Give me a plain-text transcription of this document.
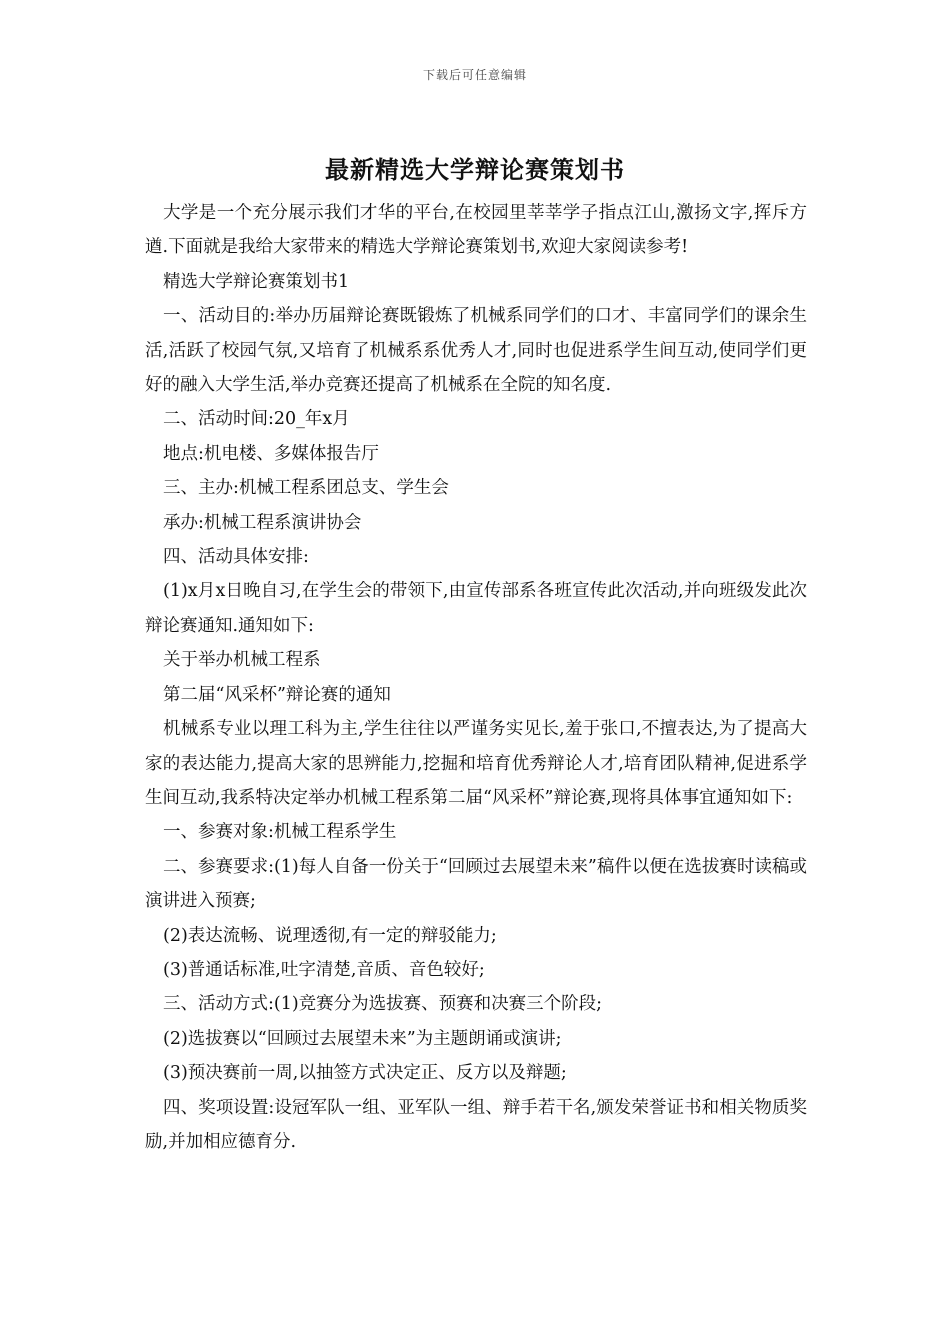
下载后可任意编辑
最新精选大学辩论赛策划书

大学是一个充分展示我们才华的平台,在校园里莘莘学子指点江山,激扬文字,挥斥方遒.下面就是我给大家带来的精选大学辩论赛策划书,欢迎大家阅读参考!

精选大学辩论赛策划书1

一、活动目的:举办历届辩论赛既锻炼了机械系同学们的口才、丰富同学们的课余生活,活跃了校园气氛,又培育了机械系系优秀人才,同时也促进系学生间互动,使同学们更好的融入大学生活,举办竞赛还提高了机械系在全院的知名度.

二、活动时间:20_年x月

地点:机电楼、多媒体报告厅

三、主办:机械工程系团总支、学生会

承办:机械工程系演讲协会

四、活动具体安排:

(1)x月x日晚自习,在学生会的带领下,由宣传部系各班宣传此次活动,并向班级发此次辩论赛通知.通知如下:

关于举办机械工程系

第二届“风采杯”辩论赛的通知

机械系专业以理工科为主,学生往往以严谨务实见长,羞于张口,不擅表达,为了提高大家的表达能力,提高大家的思辨能力,挖掘和培育优秀辩论人才,培育团队精神,促进系学生间互动,我系特决定举办机械工程系第二届“风采杯”辩论赛,现将具体事宜通知如下:

一、参赛对象:机械工程系学生

二、参赛要求:(1)每人自备一份关于“回顾过去展望未来”稿件以便在选拔赛时读稿或演讲进入预赛;

(2)表达流畅、说理透彻,有一定的辩驳能力;

(3)普通话标准,吐字清楚,音质、音色较好;

三、活动方式:(1)竞赛分为选拔赛、预赛和决赛三个阶段;

(2)选拔赛以“回顾过去展望未来”为主题朗诵或演讲;

(3)预决赛前一周,以抽签方式决定正、反方以及辩题;

四、奖项设置:设冠军队一组、亚军队一组、辩手若干名,颁发荣誉证书和相关物质奖励,并加相应德育分.
